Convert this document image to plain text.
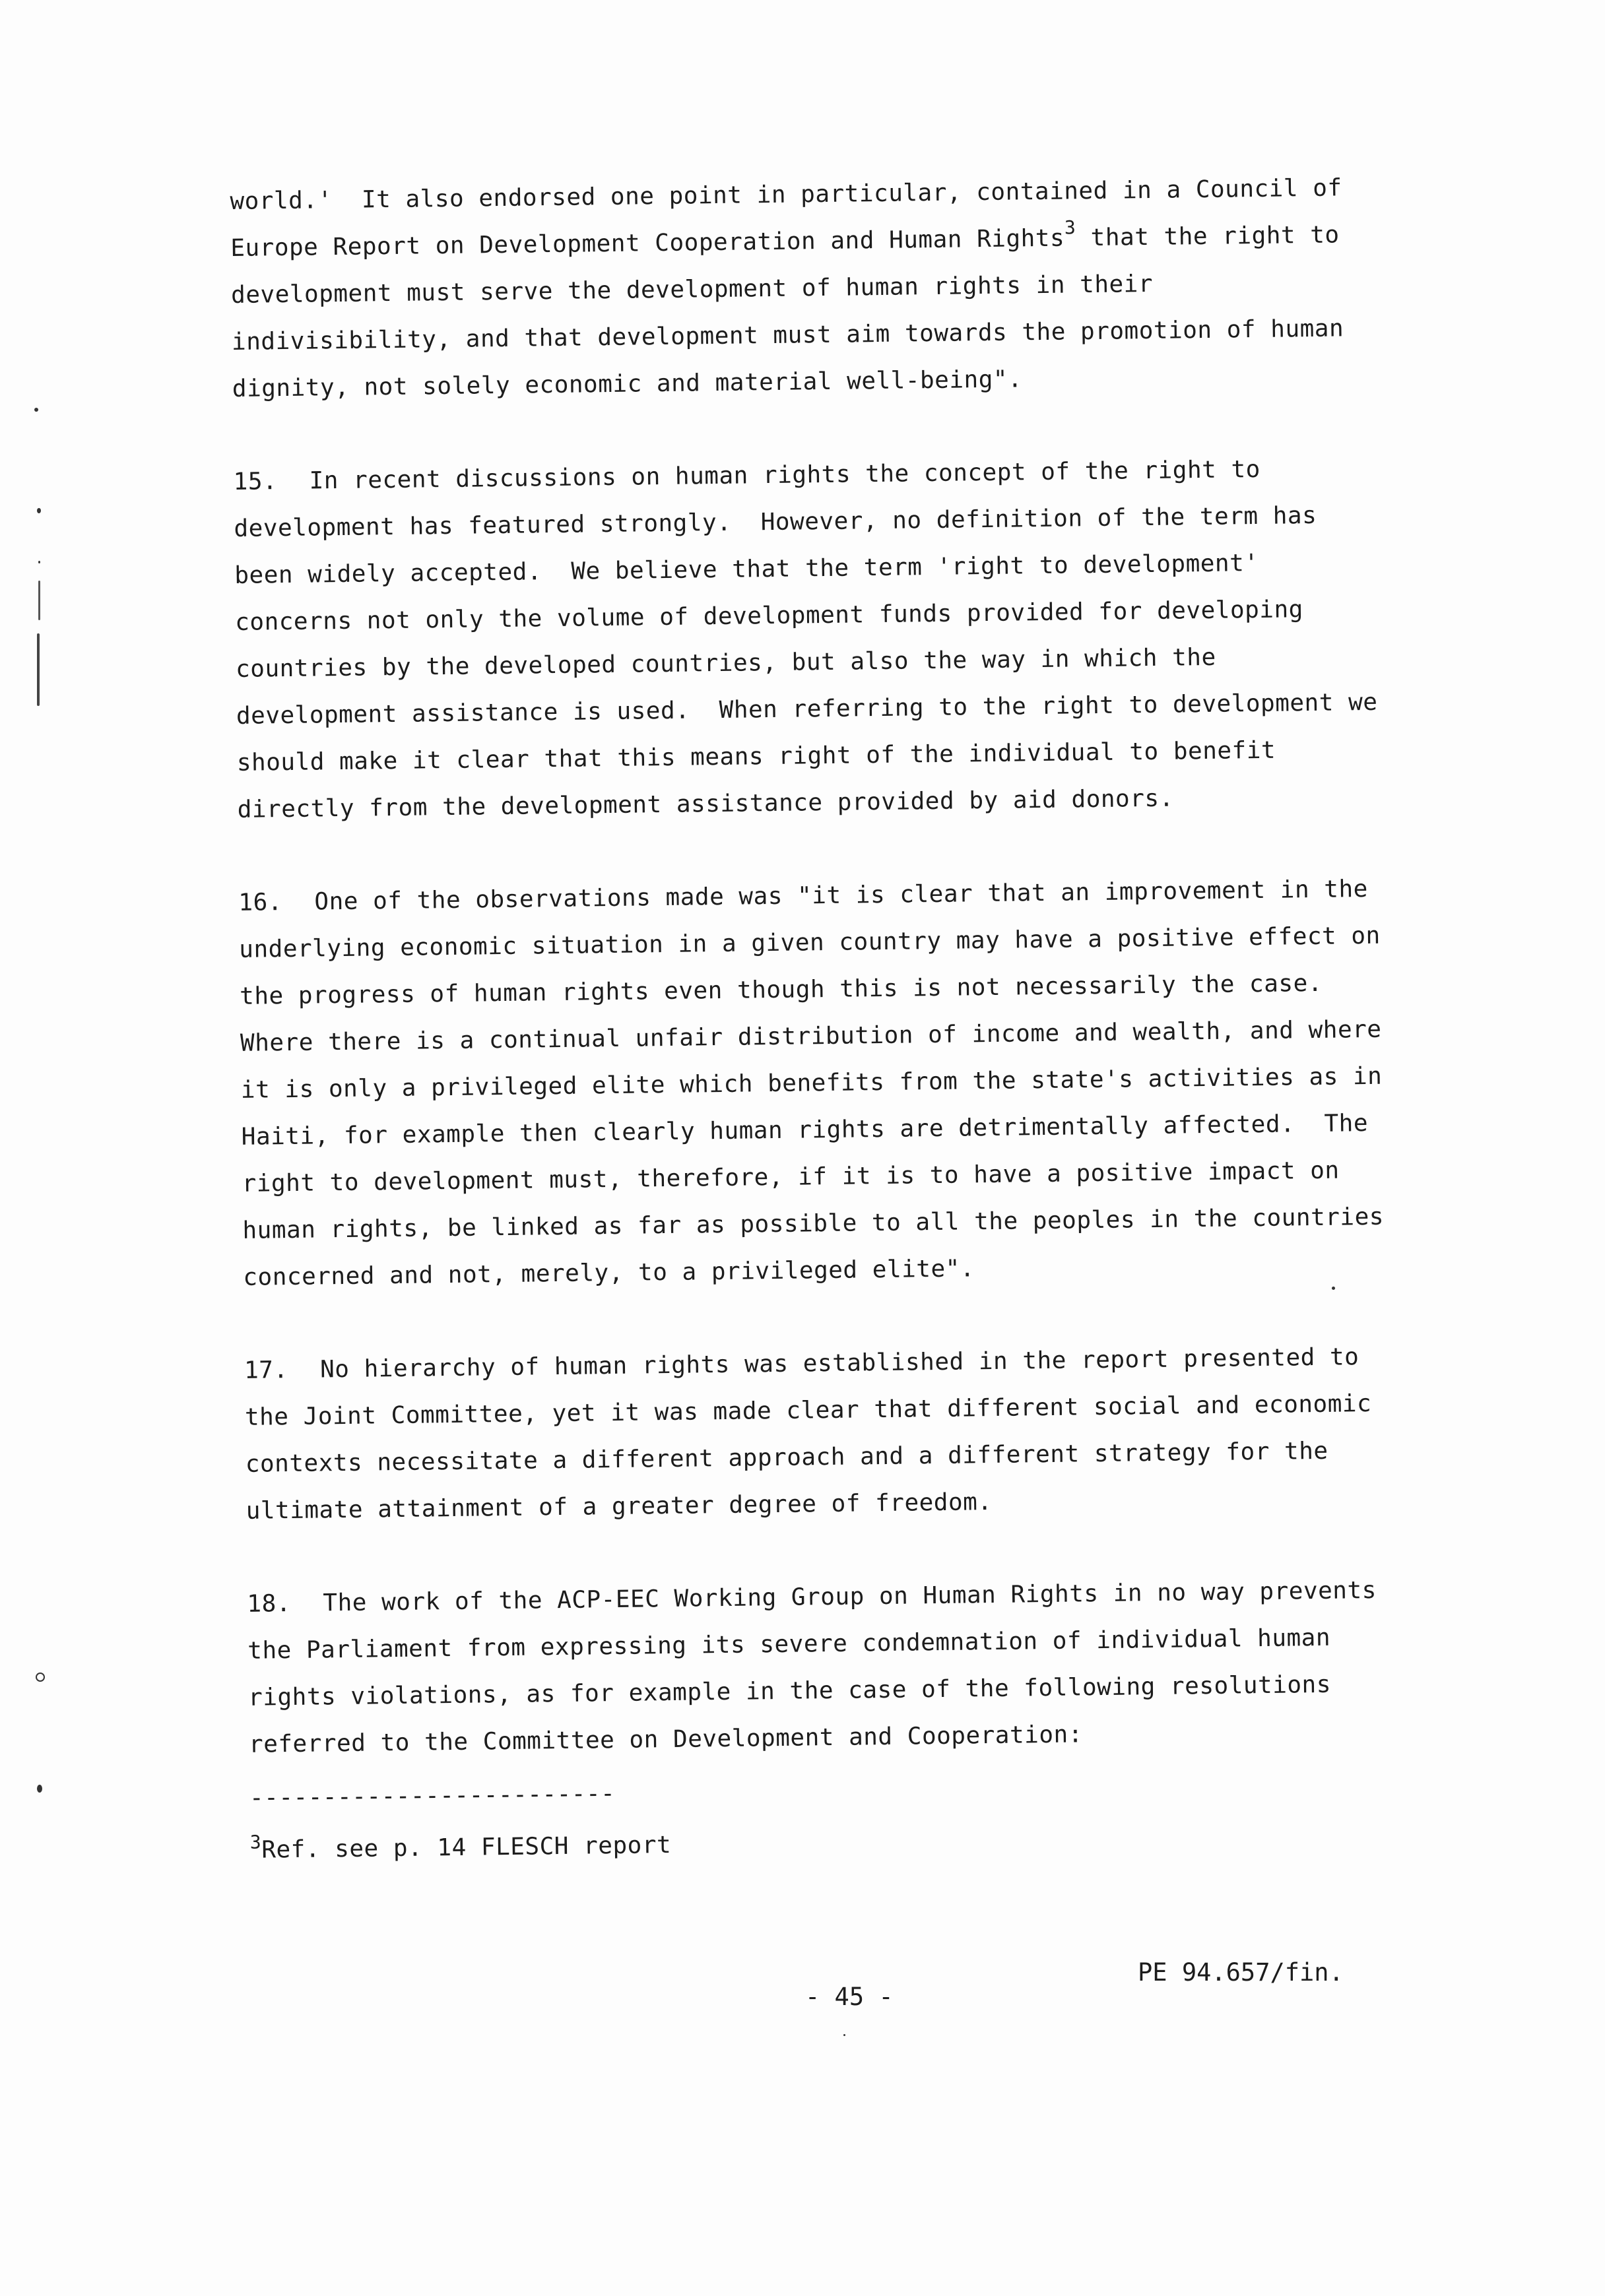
world.'  It also endorsed one point in particular, contained in a Council of
Europe Report on Development Cooperation and Human Rights$^3$ that the right to
development must serve the development of human rights in their
indivisibility, and that development must aim towards the promotion of human
dignity, not solely economic and material well-being".
15. In recent discussions on human rights the concept of the right to
development has featured strongly.  However, no definition of the term has
been widely accepted.  We believe that the term 'right to development'
concerns not only the volume of development funds provided for developing
countries by the developed countries, but also the way in which the
development assistance is used.  When referring to the right to development we
should make it clear that this means right of the individual to benefit
directly from the development assistance provided by aid donors.
16. One of the observations made was "it is clear that an improvement in the
underlying economic situation in a given country may have a positive effect on
the progress of human rights even though this is not necessarily the case.
Where there is a continual unfair distribution of income and wealth, and where
it is only a privileged elite which benefits from the state's activities as in
Haiti, for example then clearly human rights are detrimentally affected.  The
right to development must, therefore, if it is to have a positive impact on
human rights, be linked as far as possible to all the peoples in the countries
concerned and not, merely, to a privileged elite".
17. No hierarchy of human rights was established in the report presented to
the Joint Committee, yet it was made clear that different social and economic
contexts necessitate a different approach and a different strategy for the
ultimate attainment of a greater degree of freedom.
18. The work of the ACP-EEC Working Group on Human Rights in no way prevents
the Parliament from expressing its severe condemnation of individual human
rights violations, as for example in the case of the following resolutions
referred to the Committee on Development and Cooperation:
-------------------------
$^3$Ref. see p. 14 FLESCH report
PE 94.657/fin.
- 45 -
